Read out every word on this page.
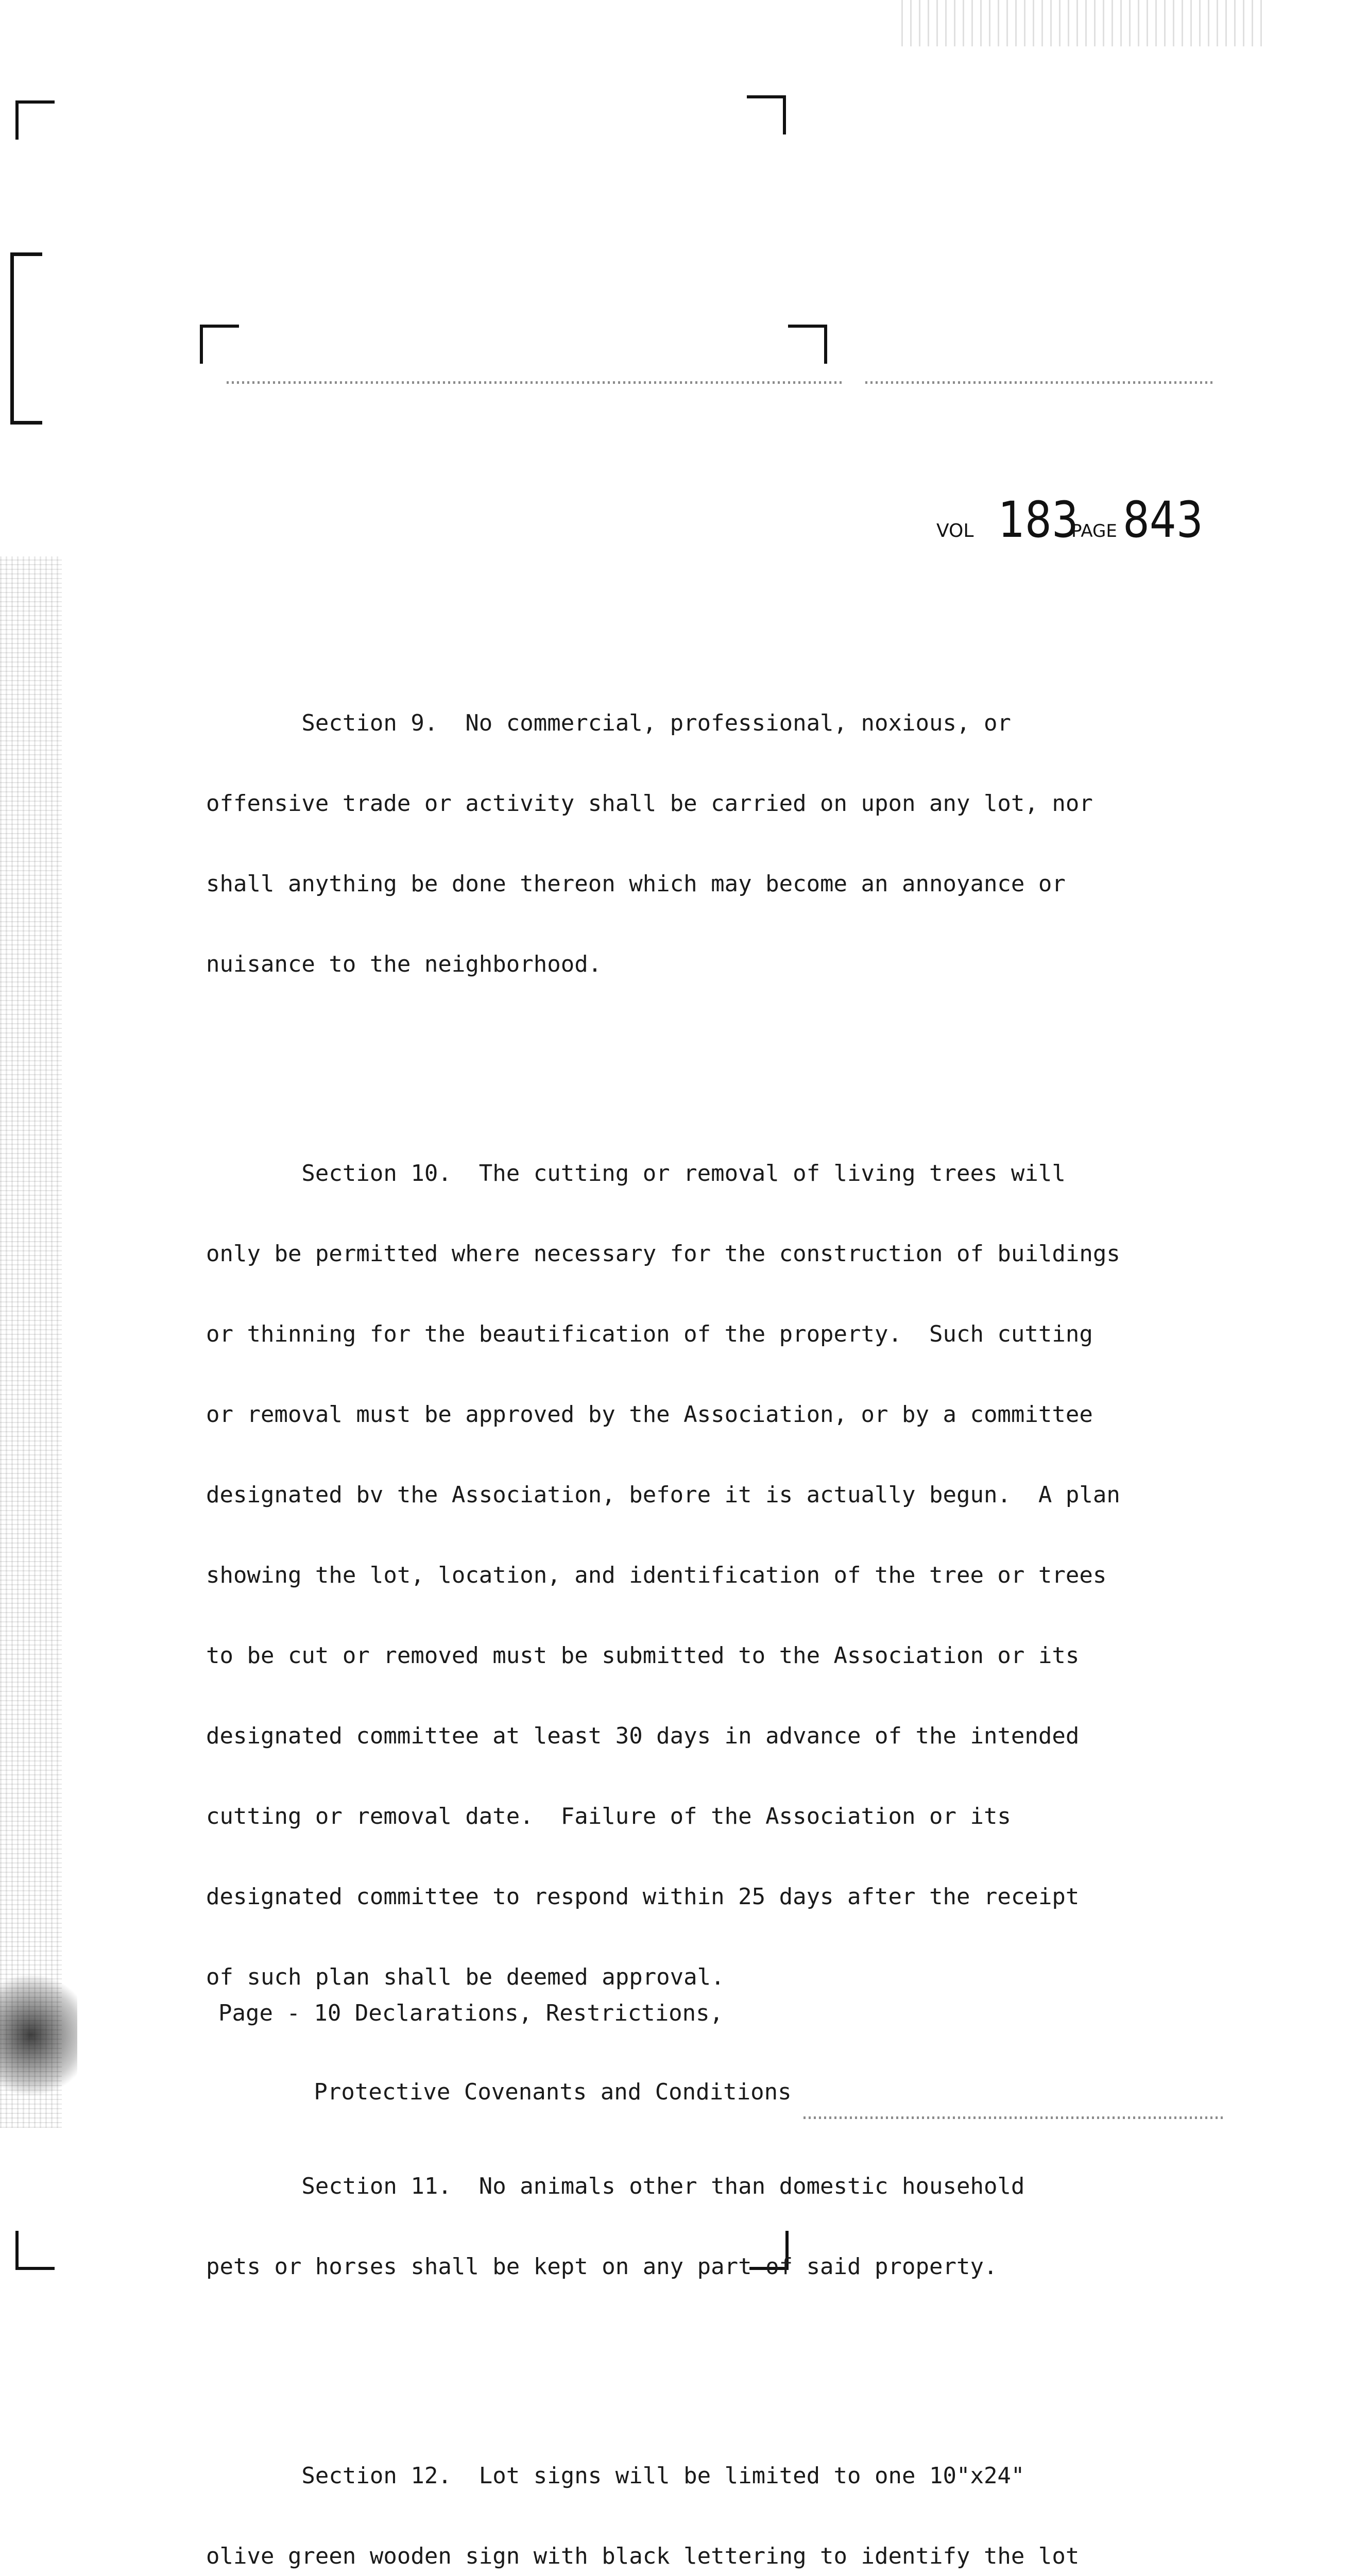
VOL 183
PAGE 843

Section 9.  No commercial, professional, noxious, or

offensive trade or activity shall be carried on upon any lot, nor

shall anything be done thereon which may become an annoyance or

nuisance to the neighborhood.

Section 10.  The cutting or removal of living trees will

only be permitted where necessary for the construction of buildings

or thinning for the beautification of the property.  Such cutting

or removal must be approved by the Association, or by a committee

designated bv the Association, before it is actually begun.  A plan

showing the lot, location, and identification of the tree or trees

to be cut or removed must be submitted to the Association or its

designated committee at least 30 days in advance of the intended

cutting or removal date.  Failure of the Association or its

designated committee to respond within 25 days after the receipt

of such plan shall be deemed approval.

Section 11.  No animals other than domestic household

pets or horses shall be kept on any part of said property.

Section 12.  Lot signs will be limited to one 10"x24"

olive green wooden sign with black lettering to identify the lot

Page - 10 Declarations, Restrictions,

Protective Covenants and Conditions
